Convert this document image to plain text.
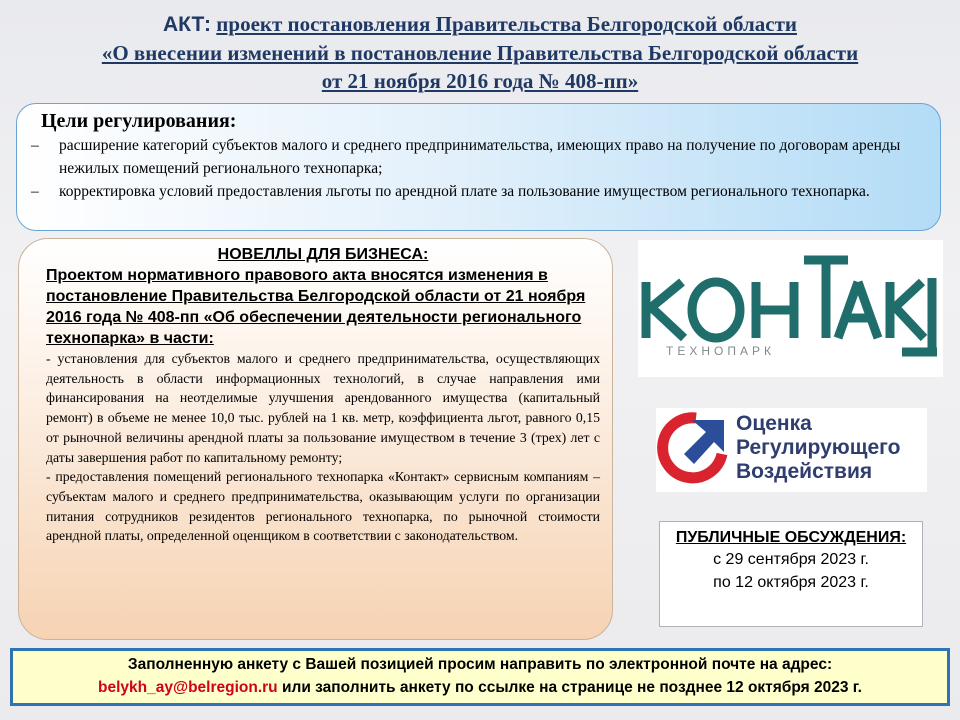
АКТ: проект постановления Правительства Белгородской области
«О внесении изменений в постановление Правительства Белгородской области
от 21 ноября 2016 года № 408-пп»
Цели регулирования:
– расширение категорий субъектов малого и среднего предпринимательства, имеющих право на получение по договорам аренды нежилых помещений регионального технопарка;
– корректировка условий предоставления льготы по арендной плате за пользование имуществом регионального технопарка.
НОВЕЛЛЫ ДЛЯ БИЗНЕСА:
Проектом нормативного правового акта вносятся изменения в постановление Правительства Белгородской области от 21 ноября 2016 года № 408-пп «Об обеспечении деятельности регионального технопарка» в части:
- установления для субъектов малого и среднего предпринимательства, осуществляющих деятельность в области информационных технологий, в случае направления ими финансирования на неотделимые улучшения арендованного имущества (капитальный ремонт) в объеме не менее 10,0 тыс. рублей на 1 кв. метр, коэффициента льгот, равного 0,15 от рыночной величины арендной платы за пользование имуществом в течение 3 (трех) лет с даты завершения работ по капитальному ремонту;
- предоставления помещений регионального технопарка «Контакт» сервисным компаниям – субъектам малого и среднего предпринимательства, оказывающим услуги по организации питания сотрудников резидентов регионального технопарка, по рыночной стоимости арендной платы, определенной оценщиком в соответствии с законодательством.
ТЕХНОПАРК
Оценка
Регулирующего
Воздействия
ПУБЛИЧНЫЕ ОБСУЖДЕНИЯ:
с 29 сентября 2023 г.
по 12 октября 2023 г.
Заполненную анкету с Вашей позицией просим направить по электронной почте на адрес:
belykh_ay@belregion.ru или заполнить анкету по ссылке на странице не позднее 12 октября 2023 г.
